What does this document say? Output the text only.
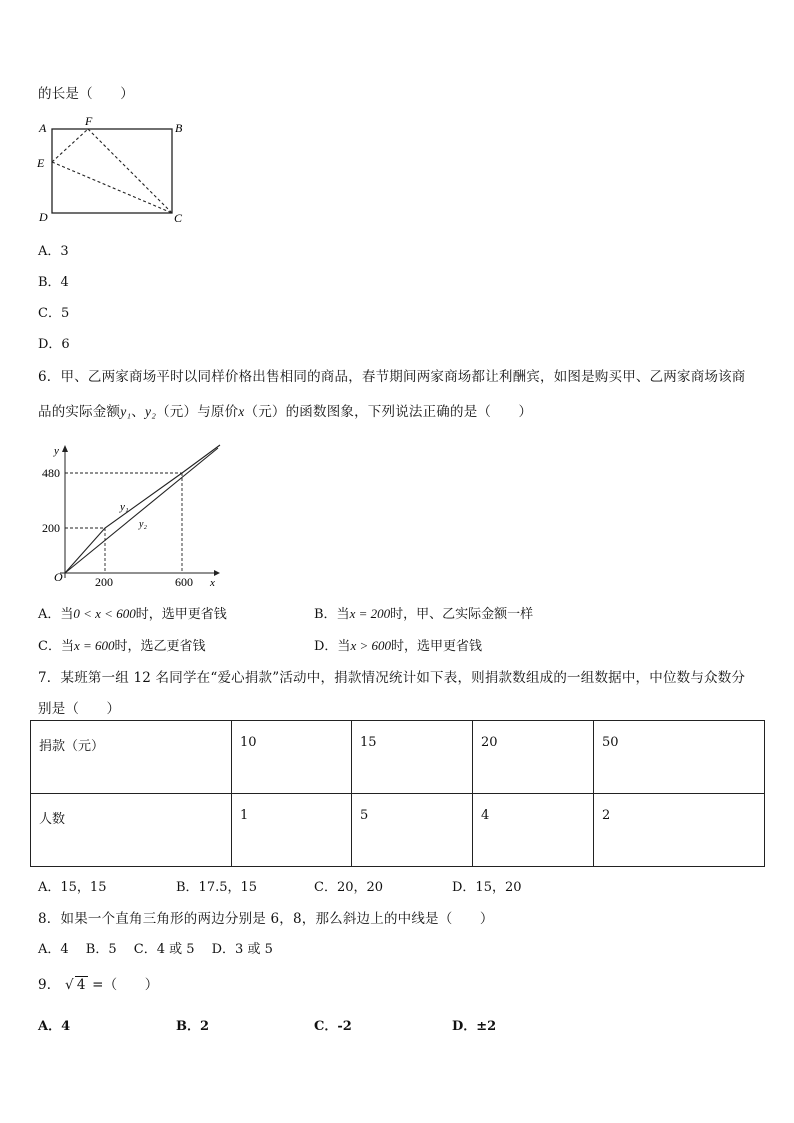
的长是（　　）
A	F	B
E
D	C
A．3
B．4
C．5
D．6
6．甲、乙两家商场平时以同样价格出售相同的商品，春节期间两家商场都让利酬宾，如图是购买甲、乙两家商场该商
品的实际金额y₁、y₂（元）与原价x（元）的函数图象，下列说法正确的是（　　）
y
x
O
480
200
200	600
y₁
y₂
A．当0 < x < 600时，选甲更省钱	B．当x = 200时，甲、乙实际金额一样
C．当x = 600时，选乙更省钱	D．当x > 600时，选甲更省钱
7．某班第一组 12 名同学在“爱心捐款”活动中，捐款情况统计如下表，则捐款数组成的一组数据中，中位数与众数分
别是（　　）
捐款（元）	10	15	20	50
人数	1	5	4	2
A．15，15	B．17.5，15	C．20，20	D．15，20
8．如果一个直角三角形的两边分别是 6，8，那么斜边上的中线是（　　）
A．4　 B．5　 C．4 或 5　 D．3 或 5
9． √ 4 =（　　）
A．4	B．2	C．-2	D．±2
